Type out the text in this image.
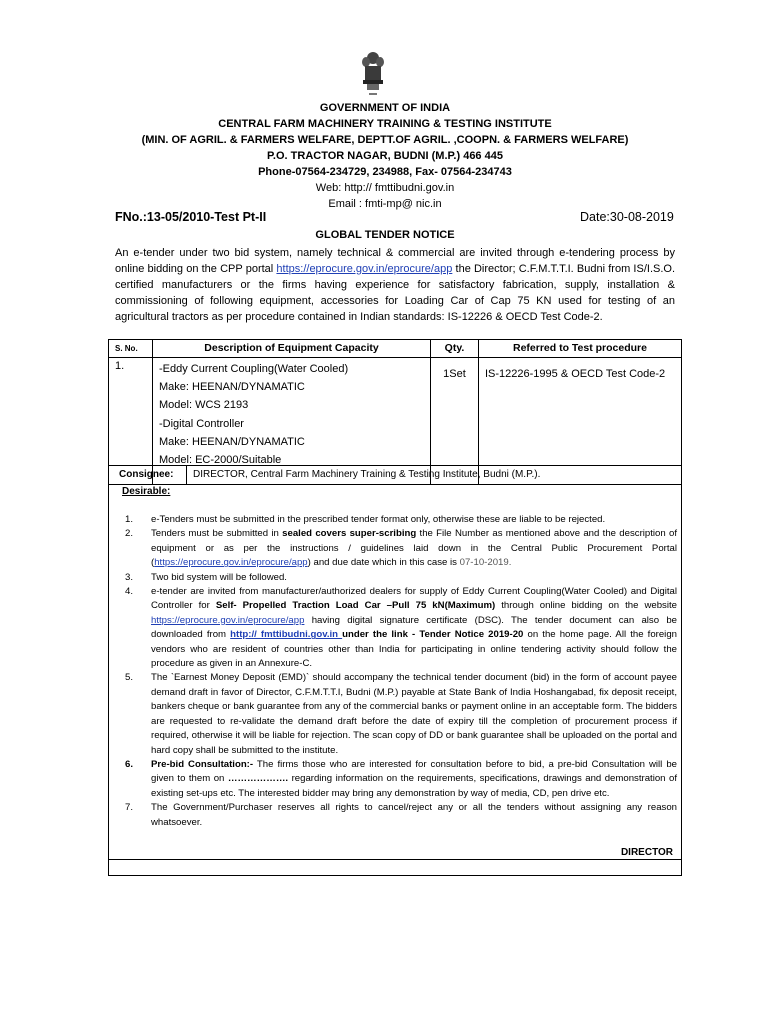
GOVERNMENT OF INDIA
CENTRAL FARM MACHINERY TRAINING & TESTING INSTITUTE
(MIN. OF AGRIL. & FARMERS WELFARE, DEPTT.OF AGRIL. ,COOPN. & FARMERS WELFARE)
P.O. TRACTOR NAGAR, BUDNI (M.P.) 466 445
Phone-07564-234729, 234988, Fax- 07564-234743
Web: http:// fmttibudni.gov.in
Email : fmti-mp@ nic.in
FNo.:13-05/2010-Test Pt-II	Date:30-08-2019
GLOBAL TENDER NOTICE

An e-tender under two bid system, namely technical & commercial are invited through e-tendering process by online bidding on the CPP portal https://eprocure.gov.in/eprocure/app the Director; C.F.M.T.T.I. Budni from IS/I.S.O. certified manufacturers or the firms having experience for satisfactory fabrication, supply, installation & commissioning of following equipment, accessories for Loading Car of Cap 75 KN used for testing of an agricultural tractors as per procedure contained in Indian standards: IS-12226 & OECD Test Code-2.

S. No.	Description of Equipment Capacity	Qty.	Referred to Test procedure
1.	-Eddy Current Coupling(Water Cooled)
Make: HEENAN/DYNAMATIC
Model: WCS 2193
-Digital Controller
Make: HEENAN/DYNAMATIC
Model: EC-2000/Suitable
1Set	IS-12226-1995 & OECD Test Code-2
Consignee:	DIRECTOR, Central Farm Machinery Training & Testing Institute, Budni (M.P.).
Desirable:
1.	e-Tenders must be submitted in the prescribed tender format only, otherwise these are liable to be rejected.
2.	Tenders must be submitted in sealed covers super-scribing the File Number as mentioned above and the description of equipment or as per the instructions / guidelines laid down in the Central Public Procurement Portal (https://eprocure.gov.in/eprocure/app) and due date which in this case is 07-10-2019.
3.	Two bid system will be followed.
4.	e-tender are invited from manufacturer/authorized dealers for supply of Eddy Current Coupling(Water Cooled) and Digital Controller for Self- Propelled Traction Load Car –Pull 75 kN(Maximum) through online bidding on the website https://eprocure.gov.in/eprocure/app having digital signature certificate (DSC). The tender document can also be downloaded from http:// fmttibudni.gov.in under the link - Tender Notice 2019-20 on the home page. All the foreign vendors who are resident of countries other than India for participating in online tendering activity should follow the procedure as given in an Annexure-C.
5.	The `Earnest Money Deposit (EMD)` should accompany the technical tender document (bid) in the form of account payee demand draft in favor of Director, C.F.M.T.T.I, Budni (M.P.) payable at State Bank of India Hoshangabad, fix deposit receipt, bankers cheque or bank guarantee from any of the commercial banks or payment online in an acceptable form. The bidders are requested to re-validate the demand draft before the date of expiry till the completion of procurement process if required, otherwise it will be liable for rejection. The scan copy of DD or bank guarantee shall be uploaded on the portal and hard copy shall be submitted to the institute.
6.	Pre-bid Consultation:- The firms those who are interested for consultation before to bid, a pre-bid Consultation will be given to them on ………………. regarding information on the requirements, specifications, drawings and demonstration of existing set-ups etc. The interested bidder may bring any demonstration by way of media, CD, pen drive etc.
7.	The Government/Purchaser reserves all rights to cancel/reject any or all the tenders without assigning any reason whatsoever.
DIRECTOR
